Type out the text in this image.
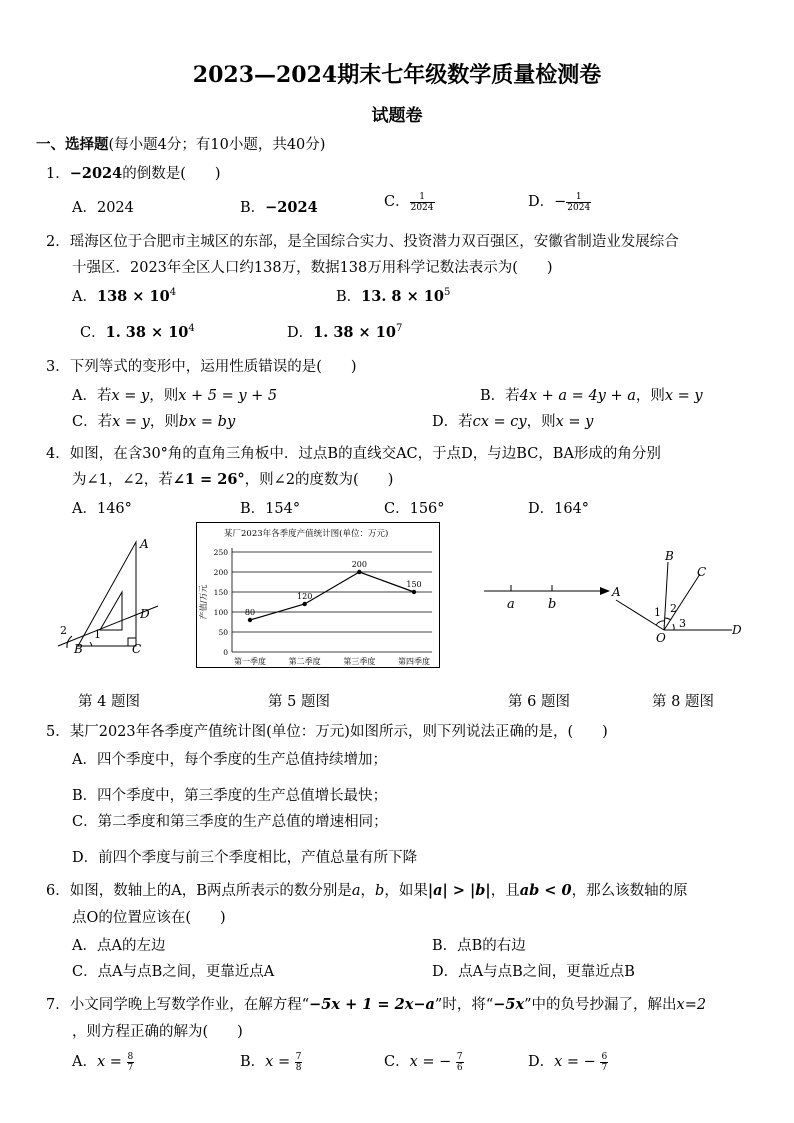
2023—2024期末七年级数学质量检测卷
试题卷
一、选择题(每小题4分；有10小题，共40分)
1．−2024的倒数是(　　)
A．2024	B．−2024	C． $\frac{1}{2024}$	D．− $\frac{1}{2024}$
2．瑶海区位于合肥市主城区的东部，是全国综合实力、投资潜力双百强区，安徽省制造业发展综合
十强区．2023年全区人口约138万，数据138万用科学记数法表示为(　　)
A．$138 \times 10^4$	B．13. $8 \times 10^5$
C．1. $38 \times 10^4$	D．1. $38 \times 10^7$
3．下列等式的变形中，运用性质错误的是(　　)
A．若x = y，则x + 5 = y + 5	B．若4x + a = 4y + a，则x = y
C．若x = y，则bx = by	D．若cx = cy，则x = y
4．如图，在含30°角的直角三角板中．过点B的直线交AC，于点D，与边BC，BA形成的角分别
为∠1，∠2，若∠1 = 26°，则∠2的度数为(　　)
A．146°	B．154°	C．156°	D．164°
A
B	C
D
1
2
第 4 题图
某厂2023年各季度产值统计图(单位：万元)
产值/万元
0
50
100
150
200
250
第一季度	第二季度	第三季度	第四季度
80
120
200
150
第 5 题图
a	b
第 6 题图
A
B
C
D
O
1 2
3
第 8 题图
5．某厂2023年各季度产值统计图(单位：万元)如图所示，则下列说法正确的是，(　　)
A．四个季度中，每个季度的生产总值持续增加；
B．四个季度中，第三季度的生产总值增长最快；
C．第二季度和第三季度的生产总值的增速相同；
D．前四个季度与前三个季度相比，产值总量有所下降
6．如图，数轴上的A，B两点所表示的数分别是a，b，如果|a| > |b|，且ab < 0，那么该数轴的原
点O的位置应该在(　　)
A．点A的左边	B．点B的右边
C．点A与点B之间，更靠近点A	D．点A与点B之间，更靠近点B
7．小文同学晚上写数学作业，在解方程“−5x + 1 = 2x−a”时，将“−5x”中的负号抄漏了，解出x=2
，则方程正确的解为(　　)
A．$x = \frac{8}{7}$	B．$x = \frac{7}{8}$	C．x = − $\frac{7}{6}$	D．x = − $\frac{6}{7}$
